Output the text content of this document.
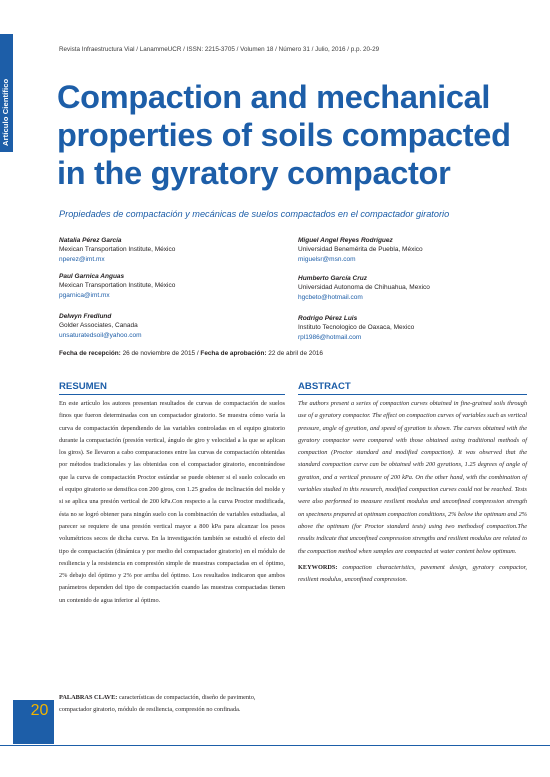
Artículo Científico
Revista Infraestructura Vial / LanammeUCR / ISSN: 2215-3705 / Volumen 18 / Número 31 / Julio, 2016 / p.p. 20-29
Compaction and mechanical properties of soils compacted in the gyratory compactor
Propiedades de compactación y mecánicas de suelos compactados en el compactador giratorio
Natalia Pérez García
Mexican Transportation Institute, México
nperez@imt.mx
Paul Garnica Anguas
Mexican Transportation Institute, México
pgarnica@imt.mx
Delwyn Fredlund
Golder Associates, Canada
unsaturatedsoil@yahoo.com
Miguel Angel Reyes Rodríguez
Universidad Benemérita de Puebla, México
miguelsr@msn.com
Humberto García Cruz
Universidad Autonoma de Chihuahua, Mexico
hgcbeto@hotmail.com
Rodrigo Pérez Luis
Instituto Tecnologico de Oaxaca, Mexico
rpl1986@hotmail.com
Fecha de recepción: 26 de noviembre de 2015 / Fecha de aprobación: 22 de abril de 2016
RESUMEN

En este artículo los autores presentan resultados de curvas de compactación de suelos finos que fueron determinadas con un compactador giratorio. Se muestra cómo varía la curva de compactación dependiendo de las variables controladas en el equipo giratorio durante la compactación (presión vertical, ángulo de giro y velocidad a la que se aplican los giros). Se llevaron a cabo comparaciones entre las curvas de compactación obtenidas por métodos tradicionales y las obtenidas con el compactador giratorio, encontrándose que la curva de compactación Proctor estándar se puede obtener si el suelo colocado en el equipo giratorio se densifica con 200 giros, con 1.25 grados de inclinación del molde y si se aplica una presión vertical de 200 kPa.Con respecto a la curva Proctor modificada, ésta no se logró obtener para ningún suelo con la combinación de variables estudiadas, al parecer se requiere de una presión vertical mayor a 800 kPa para alcanzar los pesos volumétricos secos de dicha curva. En la investigación también se estudió el efecto del tipo de compactación (dinámica y por medio del compactador giratorio) en el módulo de resiliencia y la resistencia en compresión simple de muestras compactadas en el óptimo, 2% debajo del óptimo y 2% por arriba del óptimo. Los resultados indicaron que ambos parámetros dependen del tipo de compactación cuando las muestras compactadas tienen un contenido de agua inferior al óptimo.

PALABRAS CLAVE: características de compactación, diseño de pavimento, compactador giratorio, módulo de resiliencia, compresión no confinada.

ABSTRACT

The authors present a series of compaction curves obtained in fine-grained soils through use of a gyratory compactor. The effect on compaction curves of variables such as vertical pressure, angle of gyration, and speed of gyration is shown. The curves obtained with the gyratory compactor were compared with those obtained using traditional methods of compaction (Proctor standard and modified compaction). It was observed that the standard compaction curve can be obtained with 200 gyrations, 1.25 degrees of angle of gyration, and a vertical pressure of 200 kPa. On the other hand, with the combination of variables studied in this research, modified compaction curves could not be reached. Tests were also performed to measure resilient modulus and unconfined compression strength on specimens prepared at optimum compaction conditions, 2% below the optimum and 2% above the optimum (for Proctor standard tests) using two methodsof compaction.The results indicate that unconfined compression strengths and resilient modulus are related to the compaction method when samples are compacted at water content below optimum.

KEYWORDS: compaction characteristics, pavement design, gyratory compactor, resilient modulus, unconfined compression.

20
